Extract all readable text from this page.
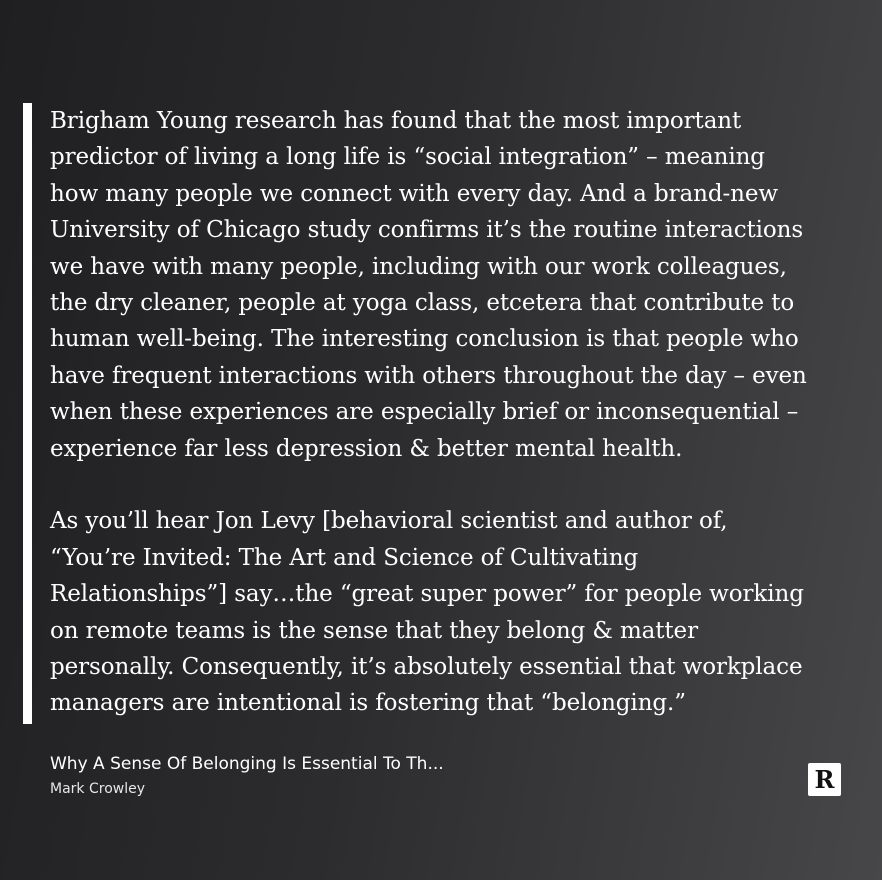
Brigham Young research has found that the most important
predictor of living a long life is “social integration” – meaning
how many people we connect with every day. And a brand-new
University of Chicago study confirms it’s the routine interactions
we have with many people, including with our work colleagues,
the dry cleaner, people at yoga class, etcetera that contribute to
human well-being. The interesting conclusion is that people who
have frequent interactions with others throughout the day – even
when these experiences are especially brief or inconsequential –
experience far less depression & better mental health.

As you’ll hear Jon Levy [behavioral scientist and author of,
“You’re Invited: The Art and Science of Cultivating
Relationships”] say…the “great super power” for people working
on remote teams is the sense that they belong & matter
personally. Consequently, it’s absolutely essential that workplace
managers are intentional is fostering that “belonging.”

Why A Sense Of Belonging Is Essential To Th...
Mark Crowley	R
